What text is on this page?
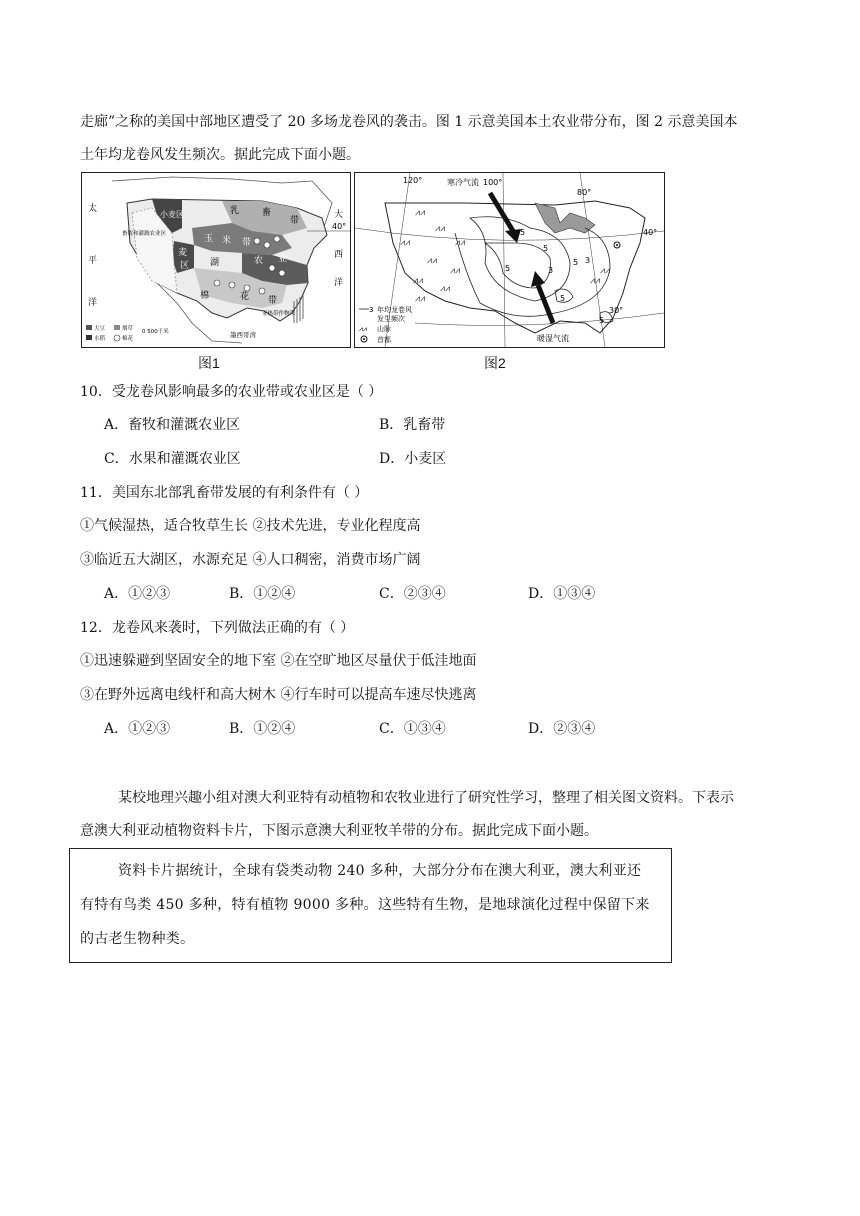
走廊”之称的美国中部地区遭受了 20 多场龙卷风的袭击。图 1 示意美国本土农业带分布，图 2 示意美国本
土年均龙卷风发生频次。据此完成下面小题。
太
平
洋
大
西
洋
40°
小麦区
畜牧和灌溉农业区
乳	畜
带
玉 米 带
麦
区 湖	农 业
棉	花 带
亚热带作物带
墨西哥湾
大豆	烟草
水稻	棉花
0 500千米
图1
⩘⩘
⩘⩘
⩘⩘
⩘⩘
⩘⩘
⩘⩘
⩘⩘
⩘⩘	⩘⩘
⩘⩘
⩘⩘
120°	100°
80°
40°
30°
寒冷气流
暖湿气流
5
5
3
5
5 3
5
5
3 年均龙卷风
发生频次
⩘⩘ 山脉
首都
图2
10．受龙卷风影响最多的农业带或农业区是（ ）
A．畜牧和灌溉农业区	B．乳畜带
C．水果和灌溉农业区	D．小麦区
11．美国东北部乳畜带发展的有利条件有（ ）
①气候湿热，适合牧草生长 ②技术先进，专业化程度高
③临近五大湖区，水源充足 ④人口稠密，消费市场广阔
A．①②③	B．①②④	C．②③④	D．①③④
12．龙卷风来袭时，下列做法正确的有（ ）
①迅速躲避到坚固安全的地下室 ②在空旷地区尽量伏于低洼地面
③在野外远离电线杆和高大树木 ④行车时可以提高车速尽快逃离
A．①②③	B．①②④	C．①③④	D．②③④
某校地理兴趣小组对澳大利亚特有动植物和农牧业进行了研究性学习，整理了相关图文资料。下表示
意澳大利亚动植物资料卡片，下图示意澳大利亚牧羊带的分布。据此完成下面小题。

资料卡片据统计，全球有袋类动物 240 多种，大部分分布在澳大利亚，澳大利亚还

有特有鸟类 450 多种，特有植物 9000 多种。这些特有生物，是地球演化过程中保留下来

的古老生物种类。
